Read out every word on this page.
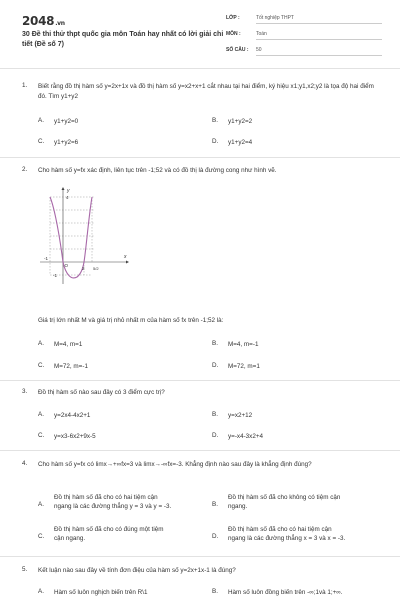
2048.vn
30 Đề thi thử thpt quốc gia môn Toán hay nhất có lời giải chi tiết (Đề số 7)
LỚP :	Tốt nghiệp THPT
MÔN :	Toán
SỐ CÂU : 50
1. Biết rằng đồ thị hàm số y=2x+1x và đồ thị hàm số y=x2+x+1 cắt nhau tại hai điểm, ký hiệu x1;y1,x2;y2 là tọa độ hai điểm đó. Tìm y1+y2
A. y1+y2=0	B. y1+y2=2
C. y1+y2=6	D. y1+y2=4
2. Cho hàm số y=fx xác định, liên tục trên -1;52 và có đồ thị là đường cong như hình vẽ.
y
x
4
O
-1
2 5/2
-1
Giá trị lớn nhất M và giá trị nhỏ nhất m của hàm số fx trên -1;52 là:
A. M=4, m=1	B. M=4, m=-1
C. M=72, m=-1	D. M=72, m=1
3. Đồ thị hàm số nào sau đây có 3 điểm cực trị?
A. y=2x4-4x2+1	B. y=x2+12
C. y=x3-6x2+9x-5	D. y=-x4-3x2+4
4. Cho hàm số y=fx có limx→+∞fx=3 và limx→-∞fx=-3. Khẳng định nào sau đây là khẳng định đúng?
A.
Đồ thị hàm số đã cho có hai tiệm cận
ngang là các đường thẳng y = 3 và y = -3.	B.
Đồ thị hàm số đã cho không có tiệm cận
ngang.
C.
Đồ thị hàm số đã cho có đúng một tiệm
cận ngang.	D.
Đồ thị hàm số đã cho có hai tiệm cận
ngang là các đường thẳng x = 3 và x = -3.
5. Kết luận nào sau đây về tính đơn điệu của hàm số y=2x+1x-1 là đúng?
A. Hàm số luôn nghịch biến trên R\1	B. Hàm số luôn đồng biến trên -∞;1và 1;+∞.
